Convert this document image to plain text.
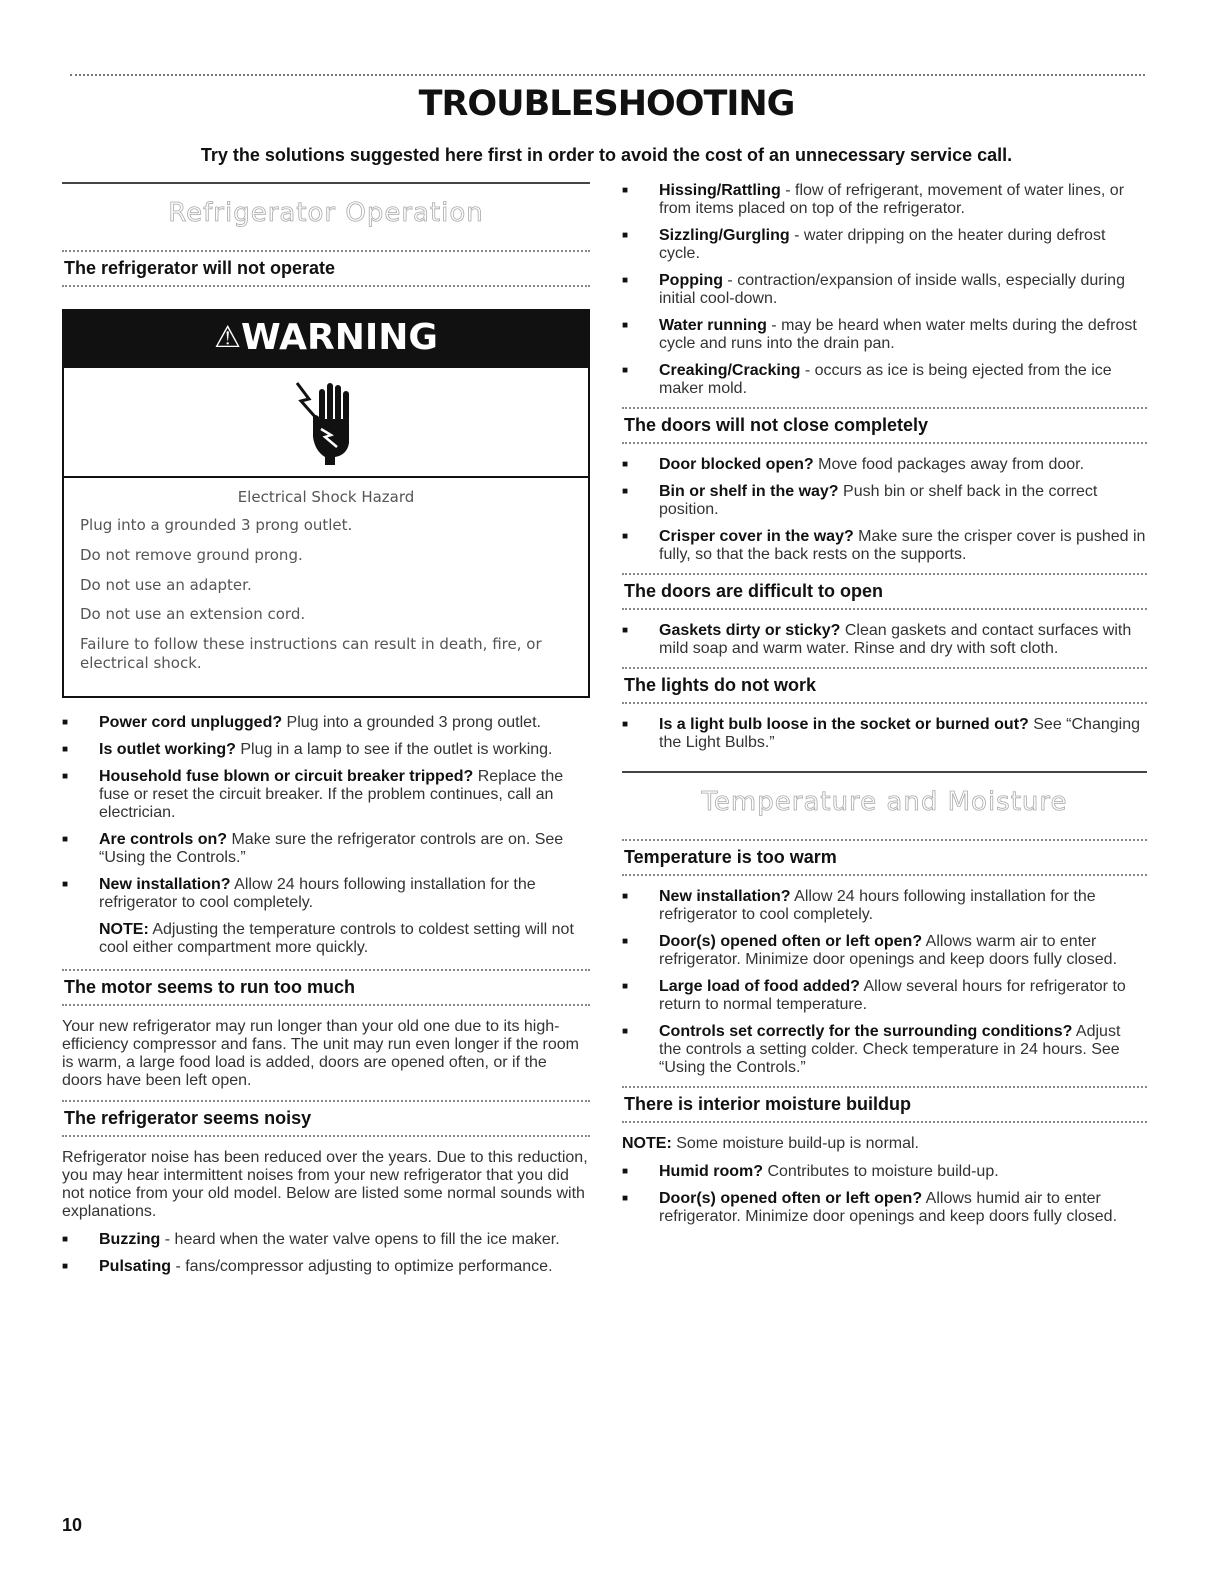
TROUBLESHOOTING
Try the solutions suggested here first in order to avoid the cost of an unnecessary service call.
Refrigerator Operation
The refrigerator will not operate
⚠WARNING
Electrical Shock Hazard

Plug into a grounded 3 prong outlet.

Do not remove ground prong.

Do not use an adapter.

Do not use an extension cord.

Failure to follow these instructions can result in death, fire, or electrical shock.

■ Power cord unplugged? Plug into a grounded 3 prong outlet.
■ Is outlet working? Plug in a lamp to see if the outlet is working.
■ Household fuse blown or circuit breaker tripped? Replace the fuse or reset the circuit breaker. If the problem continues, call an electrician.
■ Are controls on? Make sure the refrigerator controls are on. See “Using the Controls.”
■ New installation? Allow 24 hours following installation for the refrigerator to cool completely.
NOTE: Adjusting the temperature controls to coldest setting will not cool either compartment more quickly.
The motor seems to run too much
Your new refrigerator may run longer than your old one due to its high-efficiency compressor and fans. The unit may run even longer if the room is warm, a large food load is added, doors are opened often, or if the doors have been left open.
The refrigerator seems noisy
Refrigerator noise has been reduced over the years. Due to this reduction, you may hear intermittent noises from your new refrigerator that you did not notice from your old model. Below are listed some normal sounds with explanations.
■ Buzzing - heard when the water valve opens to fill the ice maker.
■ Pulsating - fans/compressor adjusting to optimize performance.
■ Hissing/Rattling - flow of refrigerant, movement of water lines, or from items placed on top of the refrigerator.
■ Sizzling/Gurgling - water dripping on the heater during defrost cycle.
■ Popping - contraction/expansion of inside walls, especially during initial cool-down.
■ Water running - may be heard when water melts during the defrost cycle and runs into the drain pan.
■ Creaking/Cracking - occurs as ice is being ejected from the ice maker mold.
The doors will not close completely
■ Door blocked open? Move food packages away from door.
■ Bin or shelf in the way? Push bin or shelf back in the correct position.
■ Crisper cover in the way? Make sure the crisper cover is pushed in fully, so that the back rests on the supports.
The doors are difficult to open
■ Gaskets dirty or sticky? Clean gaskets and contact surfaces with mild soap and warm water. Rinse and dry with soft cloth.
The lights do not work
■ Is a light bulb loose in the socket or burned out? See “Changing the Light Bulbs.”
Temperature and Moisture
Temperature is too warm
■ New installation? Allow 24 hours following installation for the refrigerator to cool completely.
■ Door(s) opened often or left open? Allows warm air to enter refrigerator. Minimize door openings and keep doors fully closed.
■ Large load of food added? Allow several hours for refrigerator to return to normal temperature.
■ Controls set correctly for the surrounding conditions? Adjust the controls a setting colder. Check temperature in 24 hours. See “Using the Controls.”
There is interior moisture buildup
NOTE: Some moisture build-up is normal.
■ Humid room? Contributes to moisture build-up.
■ Door(s) opened often or left open? Allows humid air to enter refrigerator. Minimize door openings and keep doors fully closed.
10
